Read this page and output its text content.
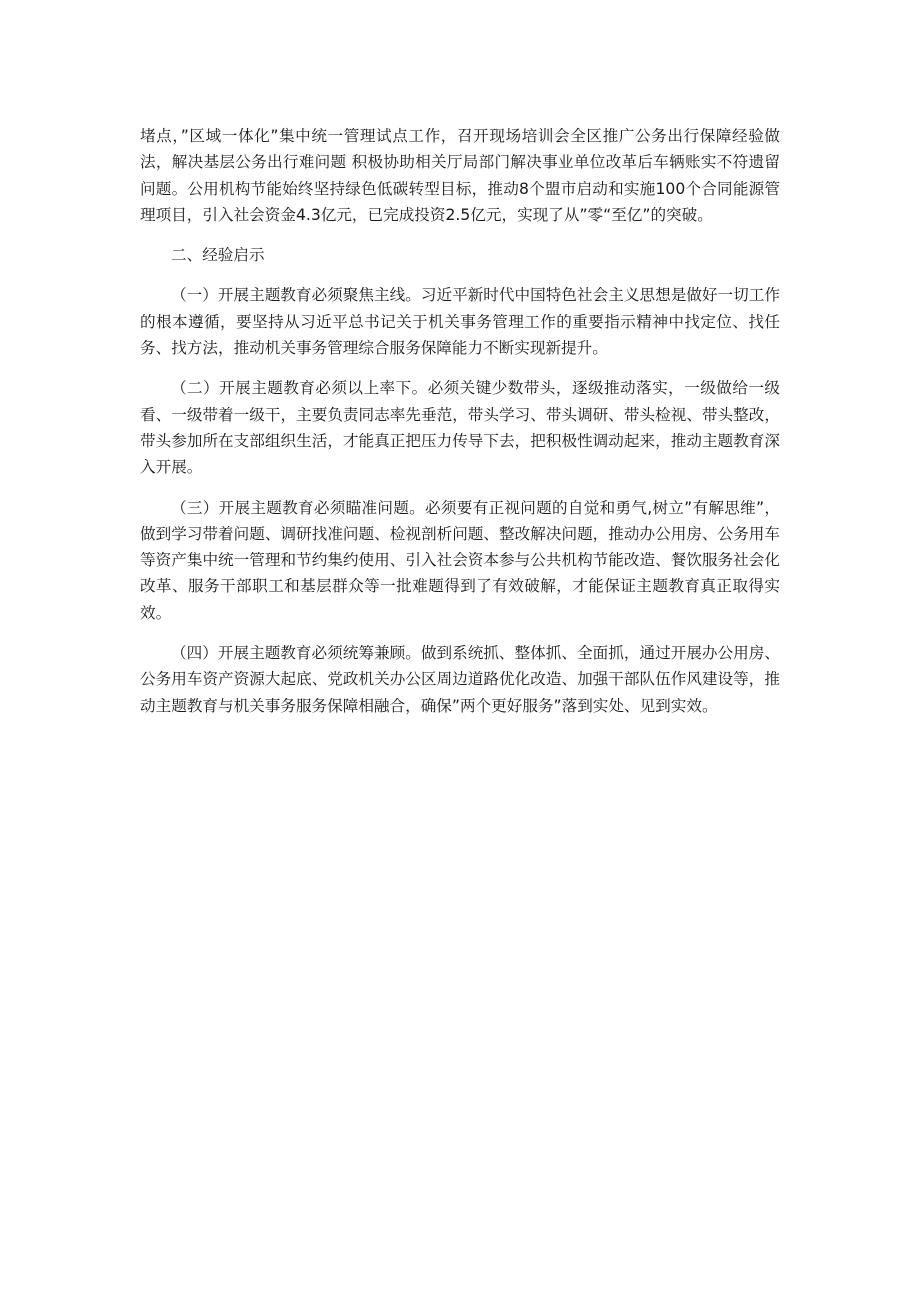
堵点，”区域一体化”集中统一管理试点工作，召开现场培训会全区推广公务出行保障经验做法，解决基层公务出行难问题 积极协助相关厅局部门解决事业单位改革后车辆账实不符遗留问题。公用机构节能始终坚持绿色低碳转型目标，推动8个盟市启动和实施100个合同能源管理项目，引入社会资金4.3亿元，已完成投资2.5亿元，实现了从”零“至亿”的突破。

二、经验启示

（一）开展主题教育必须聚焦主线。习近平新时代中国特色社会主义思想是做好一切工作的根本遵循，要坚持从习近平总书记关于机关事务管理工作的重要指示精神中找定位、找任务、找方法，推动机关事务管理综合服务保障能力不断实现新提升。

（二）开展主题教育必须以上率下。必须关键少数带头，逐级推动落实，一级做给一级看、一级带着一级干，主要负责同志率先垂范，带头学习、带头调研、带头检视、带头整改，带头参加所在支部组织生活，才能真正把压力传导下去，把积极性调动起来，推动主题教育深入开展。

（三）开展主题教育必须瞄准问题。必须要有正视问题的自觉和勇气,树立”有解思维”，做到学习带着问题、调研找准问题、检视剖析问题、整改解决问题，推动办公用房、公务用车等资产集中统一管理和节约集约使用、引入社会资本参与公共机构节能改造、餐饮服务社会化改革、服务干部职工和基层群众等一批难题得到了有效破解，才能保证主题教育真正取得实效。

（四）开展主题教育必须统筹兼顾。做到系统抓、整体抓、全面抓，通过开展办公用房、公务用车资产资源大起底、党政机关办公区周边道路优化改造、加强干部队伍作风建设等，推动主题教育与机关事务服务保障相融合，确保”两个更好服务”落到实处、见到实效。
